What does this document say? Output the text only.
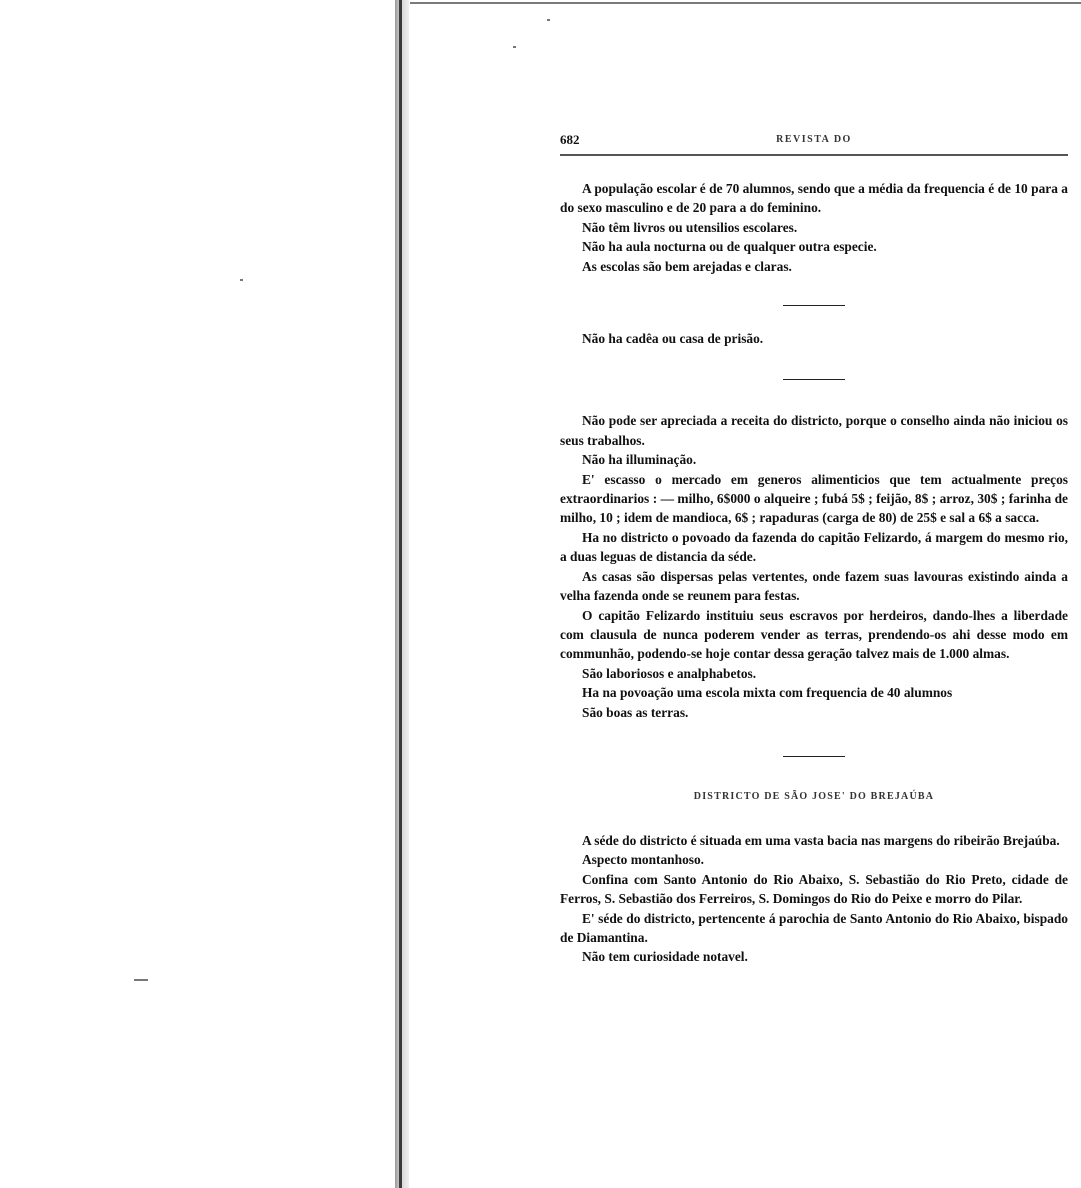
682	REVISTA DO

A população escolar é de 70 alumnos, sendo que a média da frequencia é de 10 para a do sexo masculino e de 20 para a do feminino.

Não têm livros ou utensilios escolares.

Não ha aula nocturna ou de qualquer outra especie.

As escolas são bem arejadas e claras.

Não ha cadêa ou casa de prisão.

Não pode ser apreciada a receita do districto, porque o conselho ainda não iniciou os seus trabalhos.

Não ha illuminação.

E' escasso o mercado em generos alimenticios que tem actualmente preços extraordinarios : — milho, 6$000 o alqueire ; fubá 5$ ; feijão, 8$ ; arroz, 30$ ; farinha de milho, 10 ; idem de mandioca, 6$ ; rapaduras (carga de 80) de 25$ e sal a 6$ a sacca.

Ha no districto o povoado da fazenda do capitão Felizardo, á margem do mesmo rio, a duas leguas de distancia da séde.

As casas são dispersas pelas vertentes, onde fazem suas lavouras existindo ainda a velha fazenda onde se reunem para festas.

O capitão Felizardo instituiu seus escravos por herdeiros, dando-lhes a liberdade com clausula de nunca poderem vender as terras, prendendo-os ahi desse modo em communhão, podendo-se hoje contar dessa geração talvez mais de 1.000 almas.

São laboriosos e analphabetos.

Ha na povoação uma escola mixta com frequencia de 40 alumnos

São boas as terras.

DISTRICTO DE SÃO JOSE' DO BREJAÚBA

A séde do districto é situada em uma vasta bacia nas margens do ribeirão Brejaúba.

Aspecto montanhoso.

Confina com Santo Antonio do Rio Abaixo, S. Sebastião do Rio Preto, cidade de Ferros, S. Sebastião dos Ferreiros, S. Domingos do Rio do Peixe e morro do Pilar.

E' séde do districto, pertencente á parochia de Santo Antonio do Rio Abaixo, bispado de Diamantina.

Não tem curiosidade notavel.
